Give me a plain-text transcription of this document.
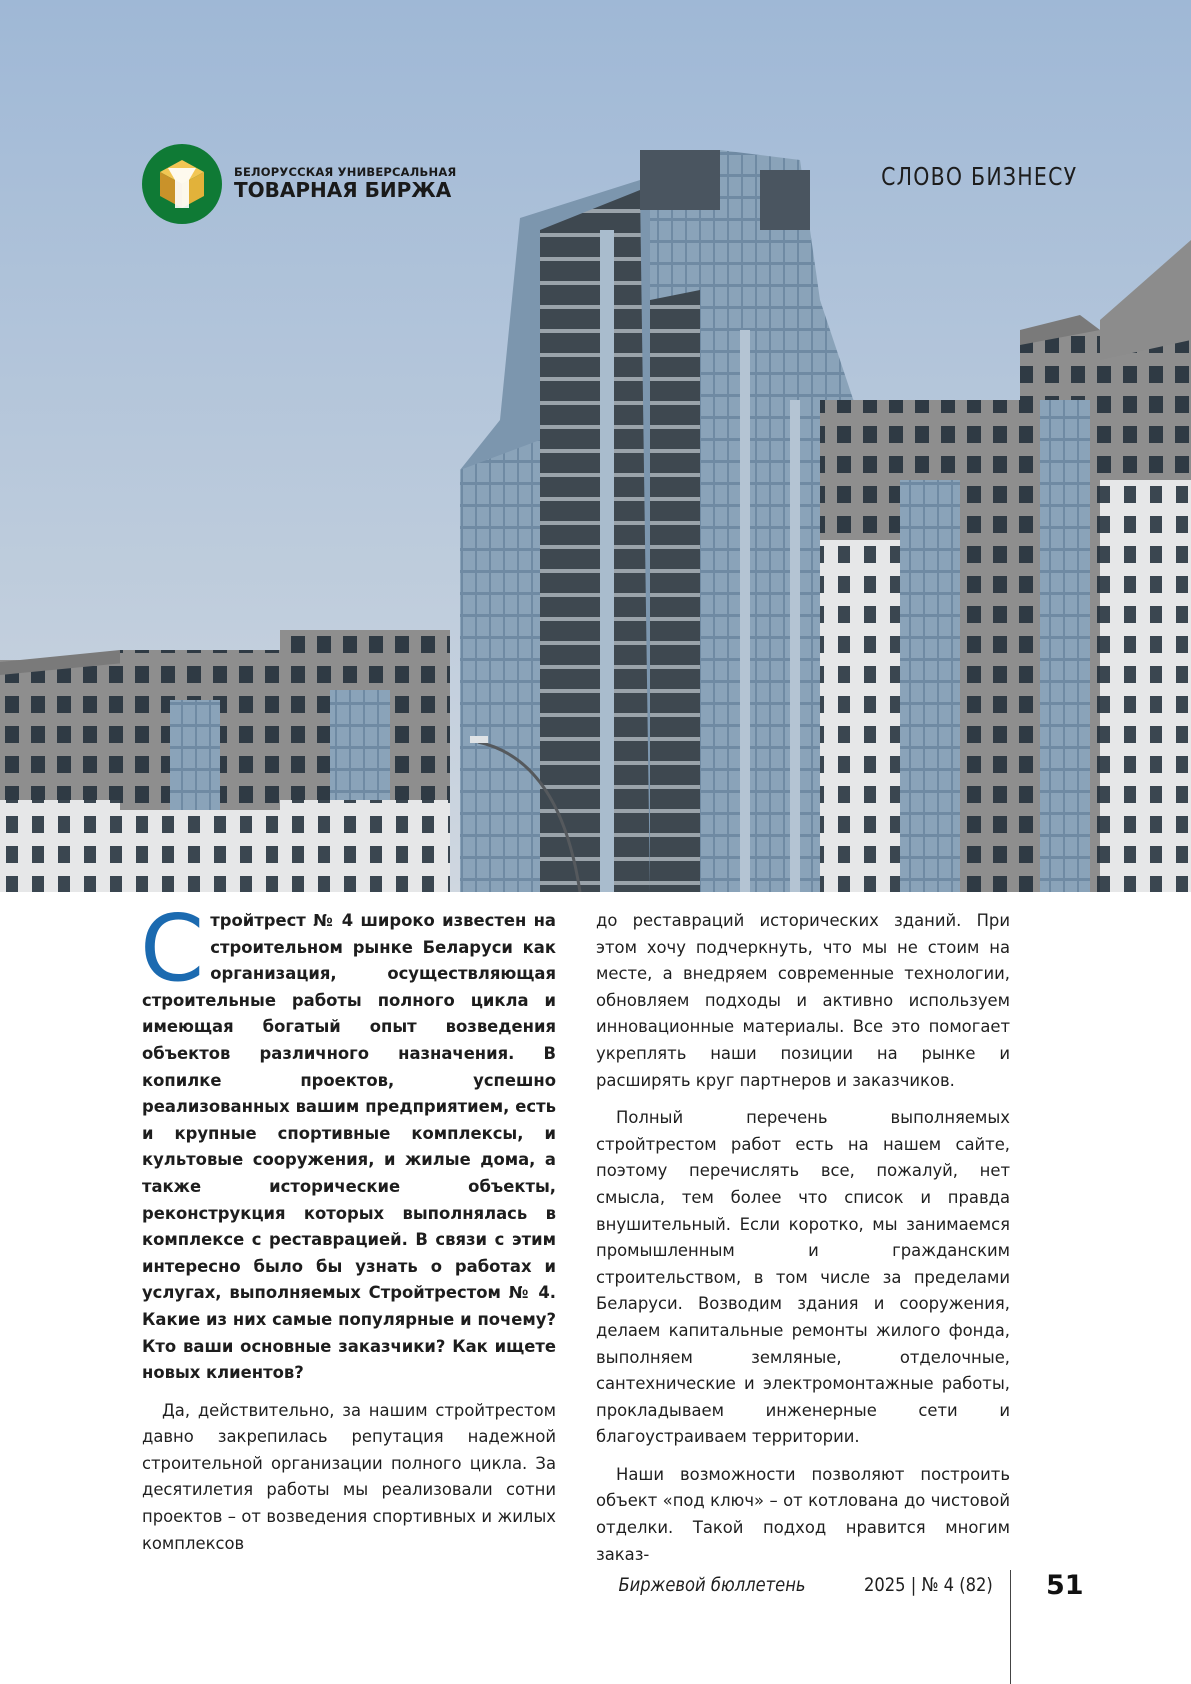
БЕЛОРУССКАЯ УНИВЕРСАЛЬНАЯ
ТОВАРНАЯ БИРЖА	СЛОВО БИЗНЕСУ

Стройтрест № 4 широко известен на строительном рынке Беларуси как организация, осуществляющая строительные работы полного цикла и имеющая богатый опыт возведения объектов различного назначения. В копилке проектов, успешно реализованных вашим предприятием, есть и крупные спортивные комплексы, и культовые сооружения, и жилые дома, а также исторические объекты, реконструкция которых выполнялась в комплексе с реставрацией. В связи с этим интересно было бы узнать о работах и услугах, выполняемых Стройтрестом № 4. Какие из них самые популярные и почему? Кто ваши основные заказчики? Как ищете новых клиентов?

Да, действительно, за нашим стройтрестом давно закрепилась репутация надежной строительной организации полного цикла. За десятилетия работы мы реализовали сотни проектов – от возведения спортивных и жилых комплексов

до реставраций исторических зданий. При этом хочу подчеркнуть, что мы не стоим на месте, а внедряем современные технологии, обновляем подходы и активно используем инновационные материалы. Все это помогает укреплять наши позиции на рынке и расширять круг партнеров и заказчиков.

Полный перечень выполняемых стройтрестом работ есть на нашем сайте, поэтому перечислять все, пожалуй, нет смысла, тем более что список и правда внушительный. Если коротко, мы занимаемся промышленным и гражданским строительством, в том числе за пределами Беларуси. Возводим здания и сооружения, делаем капитальные ремонты жилого фонда, выполняем земляные, отделочные, сантехнические и электромонтажные работы, прокладываем инженерные сети и благоустраиваем территории.

Наши возможности позволяют построить объект «под ключ» – от котлована до чистовой отделки. Такой подход нравится многим заказ-

Биржевой бюллетень	2025 | № 4 (82) 51
